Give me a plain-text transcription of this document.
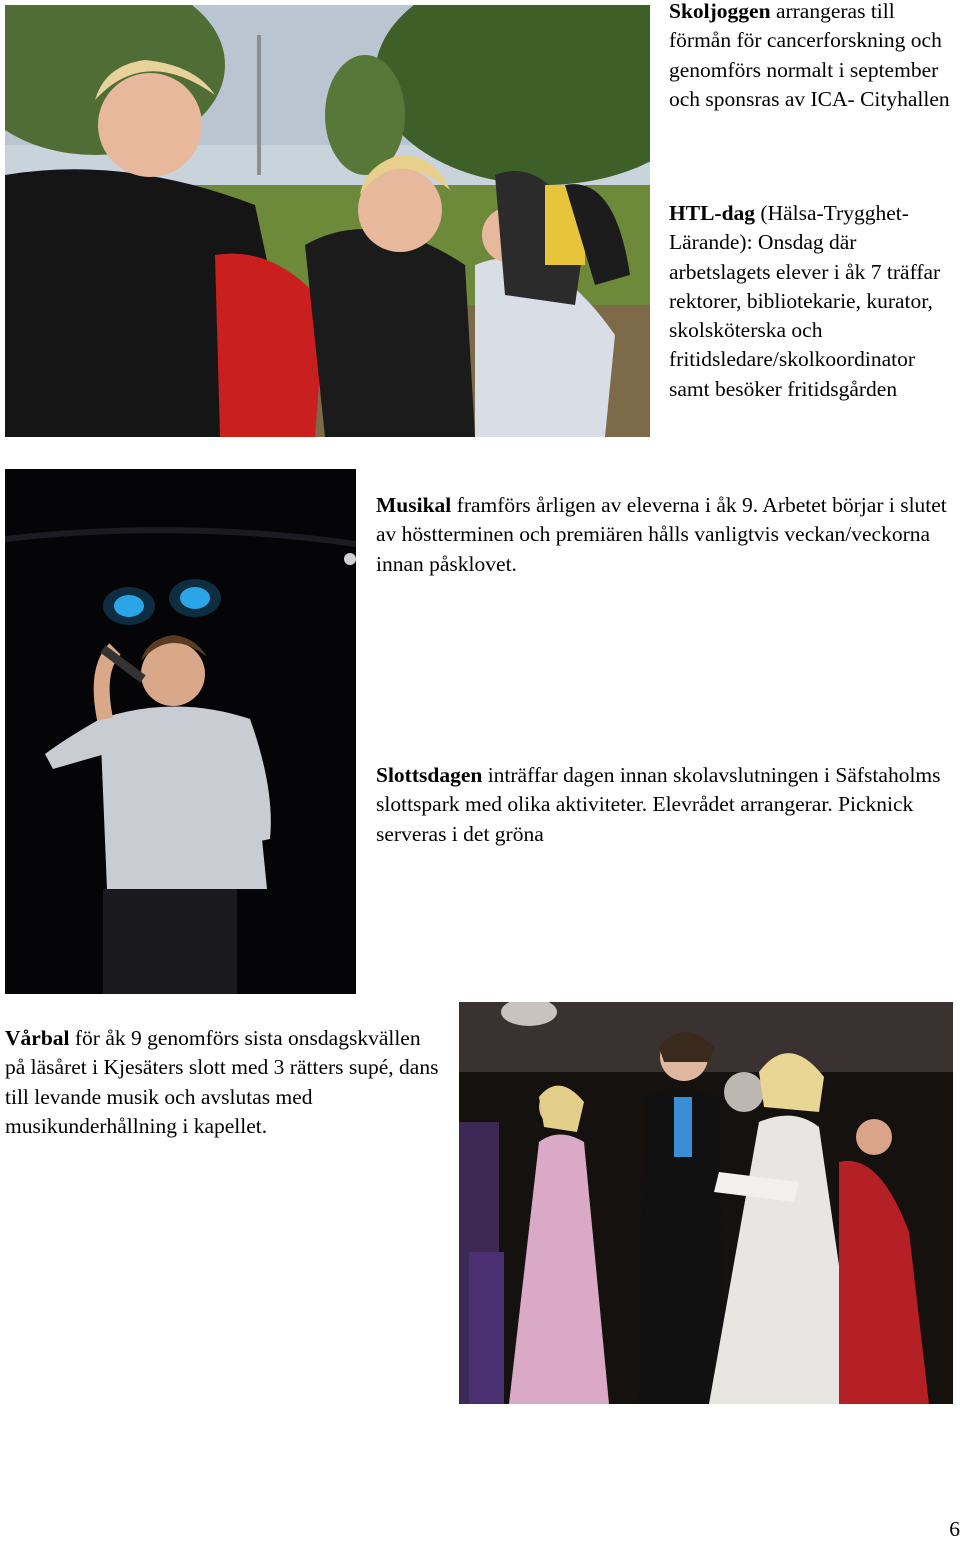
Skoljoggen arrangeras till förmån för cancerforskning och genomförs normalt i september och sponsras av ICA- Cityhallen
HTL-dag (Hälsa-Trygghet-Lärande): Onsdag där arbetslagets elever i åk 7 träffar rektorer, bibliotekarie, kurator, skolsköterska och fritidsledare/skolkoordinator samt besöker fritidsgården
Musikal framförs årligen av eleverna i åk 9. Arbetet börjar i slutet av höstterminen och premiären hålls vanligtvis veckan/veckorna innan påsklovet.
Slottsdagen inträffar dagen innan skolavslutningen i Säfstaholms slottspark med olika aktiviteter. Elevrådet arrangerar. Picknick serveras i det gröna
Vårbal för åk 9 genomförs sista onsdagskvällen på läsåret i Kjesäters slott med 3 rätters supé, dans till levande musik och avslutas med musikunderhållning i kapellet.
6
